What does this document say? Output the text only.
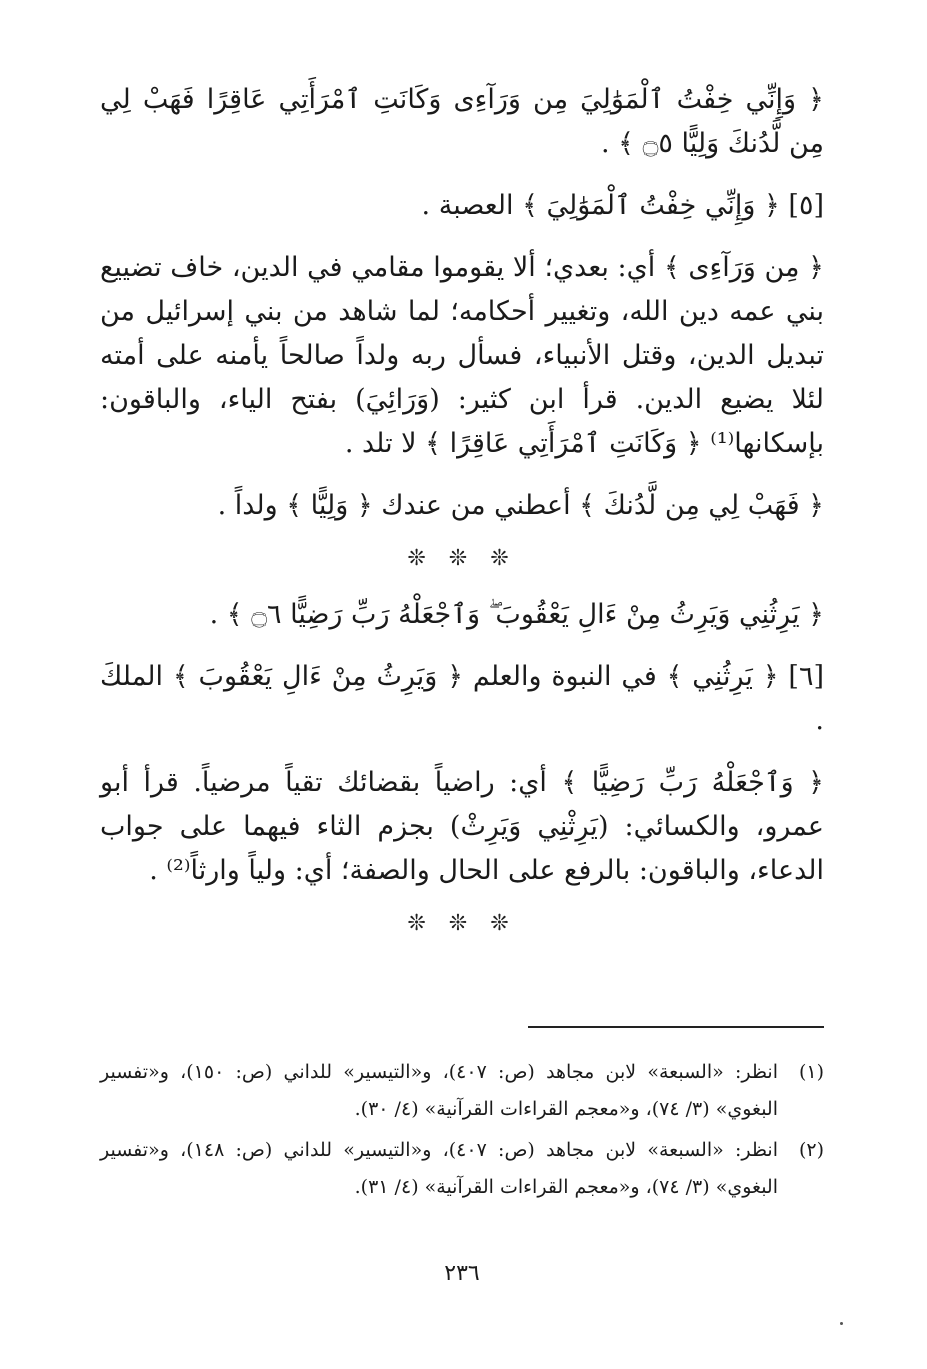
﴿ وَإِنِّي خِفْتُ ٱلْمَوَٰلِيَ مِن وَرَآءِى وَكَانَتِ ٱمْرَأَتِي عَاقِرًا فَهَبْ لِي مِن لَّدُنكَ وَلِيًّا ۝٥ ﴾ .

[٥] ﴿ وَإِنِّي خِفْتُ ٱلْمَوَٰلِيَ ﴾ العصبة .

﴿ مِن وَرَآءِى ﴾ أي: بعدي؛ ألا يقوموا مقامي في الدين، خاف تضييع بني عمه دين الله، وتغيير أحكامه؛ لما شاهد من بني إسرائيل من تبديل الدين، وقتل الأنبياء، فسأل ربه ولداً صالحاً يأمنه على أمته لئلا يضيع الدين. قرأ ابن كثير: (وَرَائِيَ) بفتح الياء، والباقون: بإسكانها⁽¹⁾ ﴿ وَكَانَتِ ٱمْرَأَتِي عَاقِرًا ﴾ لا تلد .

﴿ فَهَبْ لِي مِن لَّدُنكَ ﴾ أعطني من عندك ﴿ وَلِيًّا ﴾ ولداً .

❊ ❊ ❊

﴿ يَرِثُنِي وَيَرِثُ مِنْ ءَالِ يَعْقُوبَ ۖ وَٱجْعَلْهُ رَبِّ رَضِيًّا ۝٦ ﴾ .

[٦] ﴿ يَرِثُنِي ﴾ في النبوة والعلم ﴿ وَيَرِثُ مِنْ ءَالِ يَعْقُوبَ ﴾ الملكَ .

﴿ وَٱجْعَلْهُ رَبِّ رَضِيًّا ﴾ أي: راضياً بقضائك تقياً مرضياً. قرأ أبو عمرو، والكسائي: (يَرِثْنِي وَيَرِثْ) بجزم الثاء فيهما على جواب الدعاء، والباقون: بالرفع على الحال والصفة؛ أي: ولياً وارثاً⁽²⁾ .

❊ ❊ ❊
(١)
انظر: «السبعة» لابن مجاهد (ص: ٤٠٧)، و«التيسير» للداني (ص: ١٥٠)، و«تفسير البغوي» (٣/ ٧٤)، و«معجم القراءات القرآنية» (٤/ ٣٠).
(٢)
انظر: «السبعة» لابن مجاهد (ص: ٤٠٧)، و«التيسير» للداني (ص: ١٤٨)، و«تفسير البغوي» (٣/ ٧٤)، و«معجم القراءات القرآنية» (٤/ ٣١).
٢٣٦
